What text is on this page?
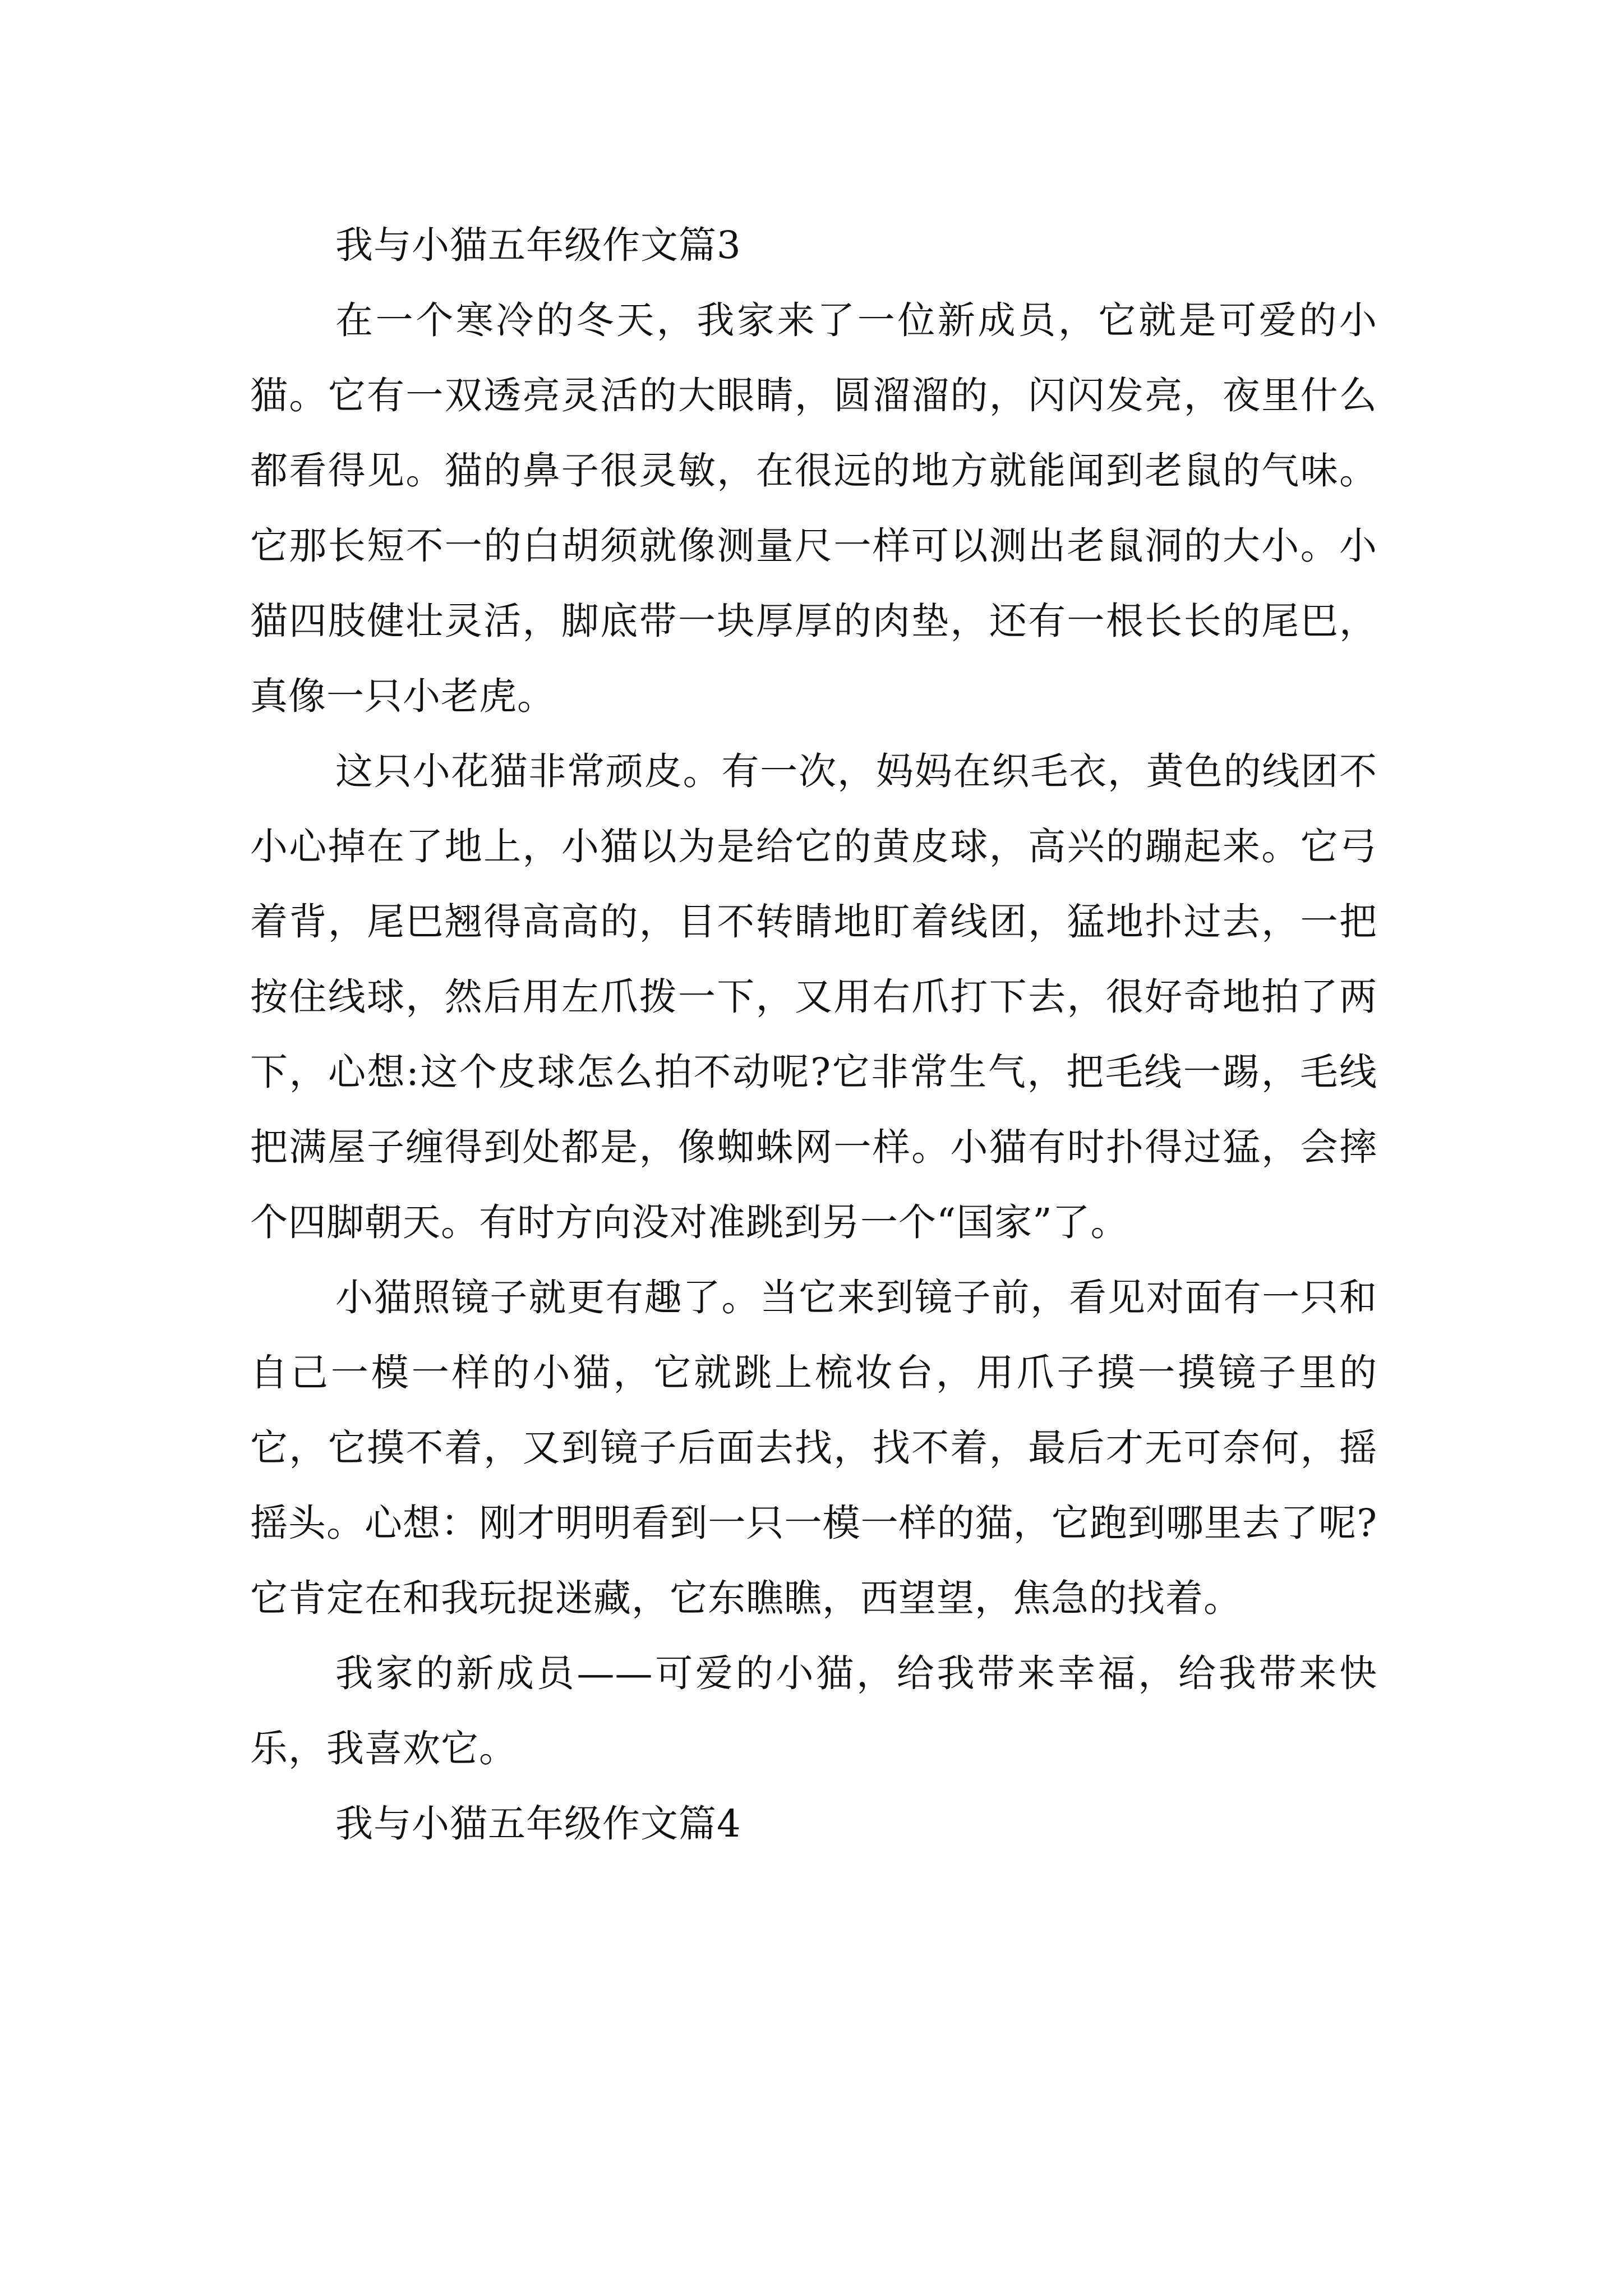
我与小猫五年级作文篇3

在一个寒冷的冬天，我家来了一位新成员，它就是可爱的小猫。它有一双透亮灵活的大眼睛，圆溜溜的，闪闪发亮，夜里什么都看得见。猫的鼻子很灵敏，在很远的地方就能闻到老鼠的气味。它那长短不一的白胡须就像测量尺一样可以测出老鼠洞的大小。小猫四肢健壮灵活，脚底带一块厚厚的肉垫，还有一根长长的尾巴，真像一只小老虎。

这只小花猫非常顽皮。有一次，妈妈在织毛衣，黄色的线团不小心掉在了地上，小猫以为是给它的黄皮球，高兴的蹦起来。它弓着背，尾巴翘得高高的，目不转睛地盯着线团，猛地扑过去，一把按住线球，然后用左爪拨一下，又用右爪打下去，很好奇地拍了两下，心想:这个皮球怎么拍不动呢?它非常生气，把毛线一踢，毛线把满屋子缠得到处都是，像蜘蛛网一样。小猫有时扑得过猛，会摔个四脚朝天。有时方向没对准跳到另一个“国家”了。

小猫照镜子就更有趣了。当它来到镜子前，看见对面有一只和自己一模一样的小猫，它就跳上梳妆台，用爪子摸一摸镜子里的它，它摸不着，又到镜子后面去找，找不着，最后才无可奈何，摇摇头。心想：刚才明明看到一只一模一样的猫，它跑到哪里去了呢?它肯定在和我玩捉迷藏，它东瞧瞧，西望望，焦急的找着。

我家的新成员——可爱的小猫，给我带来幸福，给我带来快乐，我喜欢它。

我与小猫五年级作文篇4
